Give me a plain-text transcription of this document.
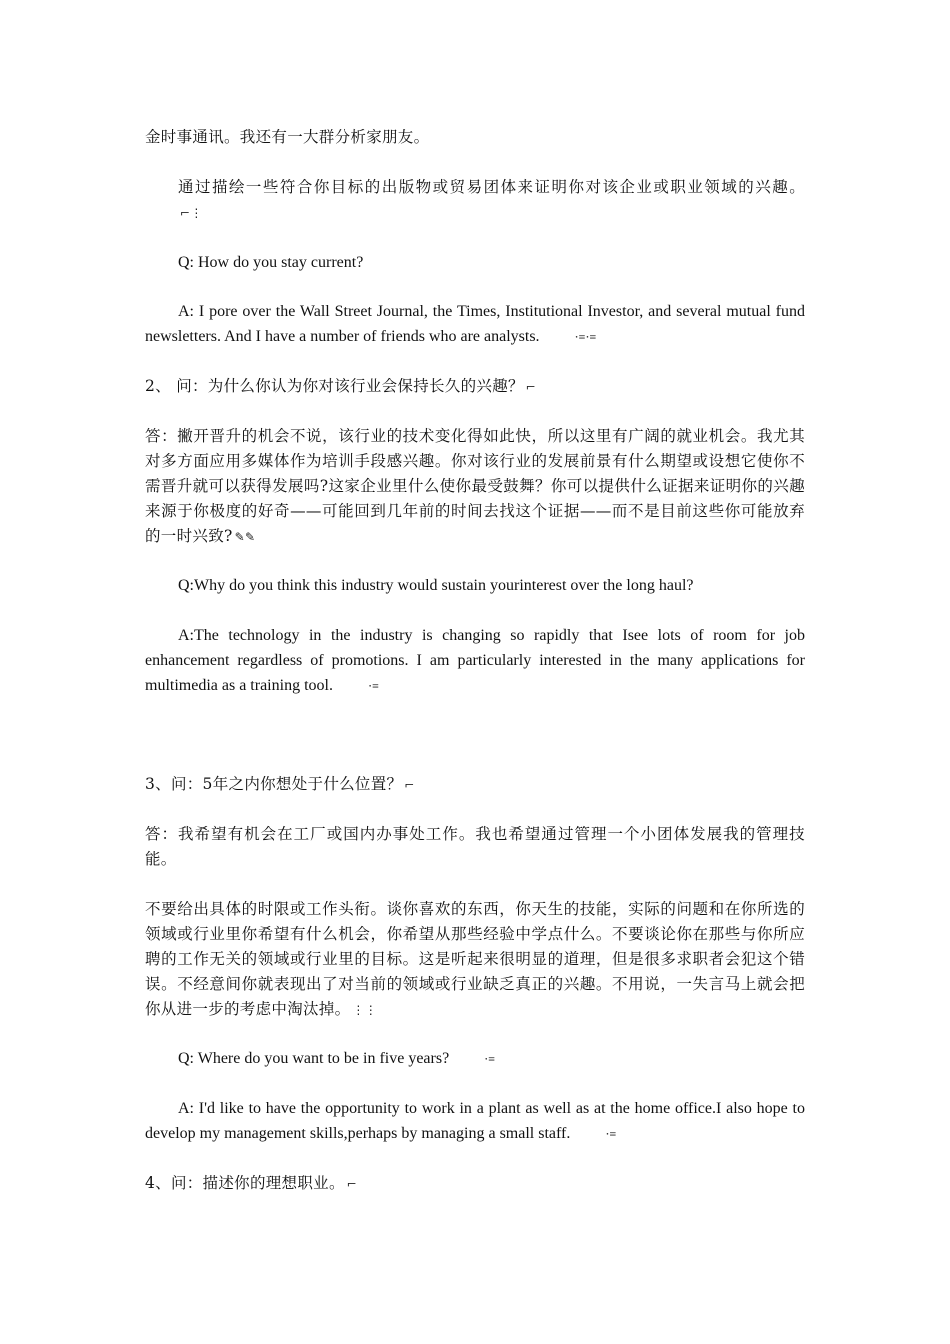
金时事通讯。我还有一大群分析家朋友。

通过描绘一些符合你目标的出版物或贸易团体来证明你对该企业或职业领域的兴趣。⌐⋮

Q: How do you stay current?

A: I pore over the Wall Street Journal, the Times, Institutional Investor, and several mutual fund newsletters. And I have a number of friends who are analysts.	⋅≡⋅≡

2、 问：为什么你认为你对该行业会保持长久的兴趣？ ⌐

答：撇开晋升的机会不说，该行业的技术变化得如此快，所以这里有广阔的就业机会。我尤其对多方面应用多媒体作为培训手段感兴趣。你对该行业的发展前景有什么期望或设想它使你不需晋升就可以获得发展吗?这家企业里什么使你最受鼓舞？你可以提供什么证据来证明你的兴趣来源于你极度的好奇——可能回到几年前的时间去找这个证据——而不是目前这些你可能放弃的一时兴致? ✎✎

Q:Why do you think this industry would sustain yourinterest over the long haul?

A:The technology in the industry is changing so rapidly that Isee lots of room for job enhancement regardless of promotions. I am particularly interested in the many applications for multimedia as a training tool.	⋅≡

3、问：5年之内你想处于什么位置？ ⌐

答：我希望有机会在工厂或国内办事处工作。我也希望通过管理一个小团体发展我的管理技能。

不要给出具体的时限或工作头衔。谈你喜欢的东西，你天生的技能，实际的问题和在你所选的领域或行业里你希望有什么机会，你希望从那些经验中学点什么。不要谈论你在那些与你所应聘的工作无关的领域或行业里的目标。这是听起来很明显的道理，但是很多求职者会犯这个错误。不经意间你就表现出了对当前的领域或行业缺乏真正的兴趣。不用说，一失言马上就会把你从进一步的考虑中淘汰掉。 ⋮⋮

Q: Where do you want to be in five years?	⋅≡

A: I'd like to have the opportunity to work in a plant as well as at the home office.I also hope to develop my management skills,perhaps by managing a small staff.	⋅≡

4、问：描述你的理想职业。 ⌐
